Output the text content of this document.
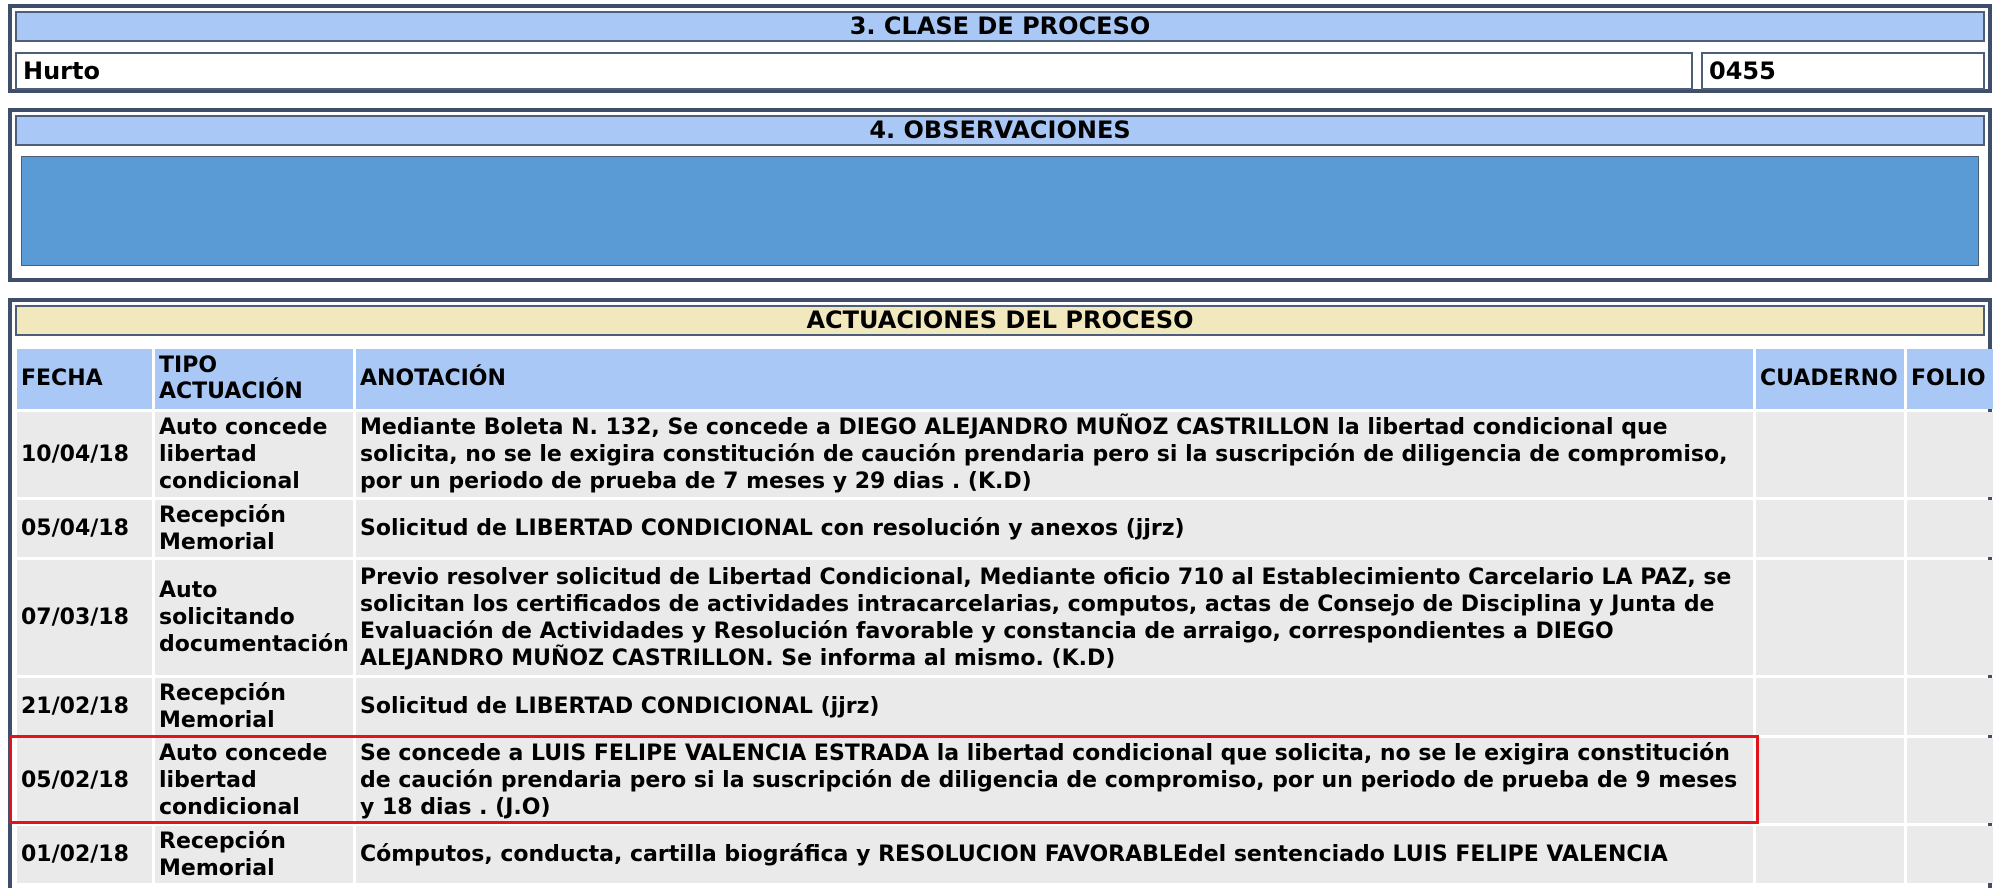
3. CLASE DE PROCESO
Hurto	0455
4. OBSERVACIONES
ACTUACIONES DEL PROCESO
FECHA	TIPO ACTUACIÓN	ANOTACIÓN	CUADERNO	FOLIO
10/04/18	Auto concede libertad condicional	Mediante Boleta N. 132, Se concede a DIEGO ALEJANDRO MUÑOZ CASTRILLON la libertad condicional que solicita, no se le exigira constitución de caución prendaria pero si la suscripción de diligencia de compromiso, por un periodo de prueba de 7 meses y 29 dias . (K.D)		
05/04/18	Recepción Memorial	Solicitud de LIBERTAD CONDICIONAL con resolución y anexos (jjrz)		
07/03/18	Auto solicitando documentación	Previo resolver solicitud de Libertad Condicional, Mediante oficio 710 al Establecimiento Carcelario LA PAZ, se solicitan los certificados de actividades intracarcelarias, computos, actas de Consejo de Disciplina y Junta de Evaluación de Actividades y Resolución favorable y constancia de arraigo, correspondientes a DIEGO ALEJANDRO MUÑOZ CASTRILLON. Se informa al mismo. (K.D)		
21/02/18	Recepción Memorial	Solicitud de LIBERTAD CONDICIONAL (jjrz)		
05/02/18	Auto concede libertad condicional	Se concede a LUIS FELIPE VALENCIA ESTRADA la libertad condicional que solicita, no se le exigira constitución de caución prendaria pero si la suscripción de diligencia de compromiso, por un periodo de prueba de 9 meses y 18 dias . (J.O)		
01/02/18	Recepción Memorial	Cómputos, conducta, cartilla biográfica y RESOLUCION FAVORABLEdel sentenciado LUIS FELIPE VALENCIA		
